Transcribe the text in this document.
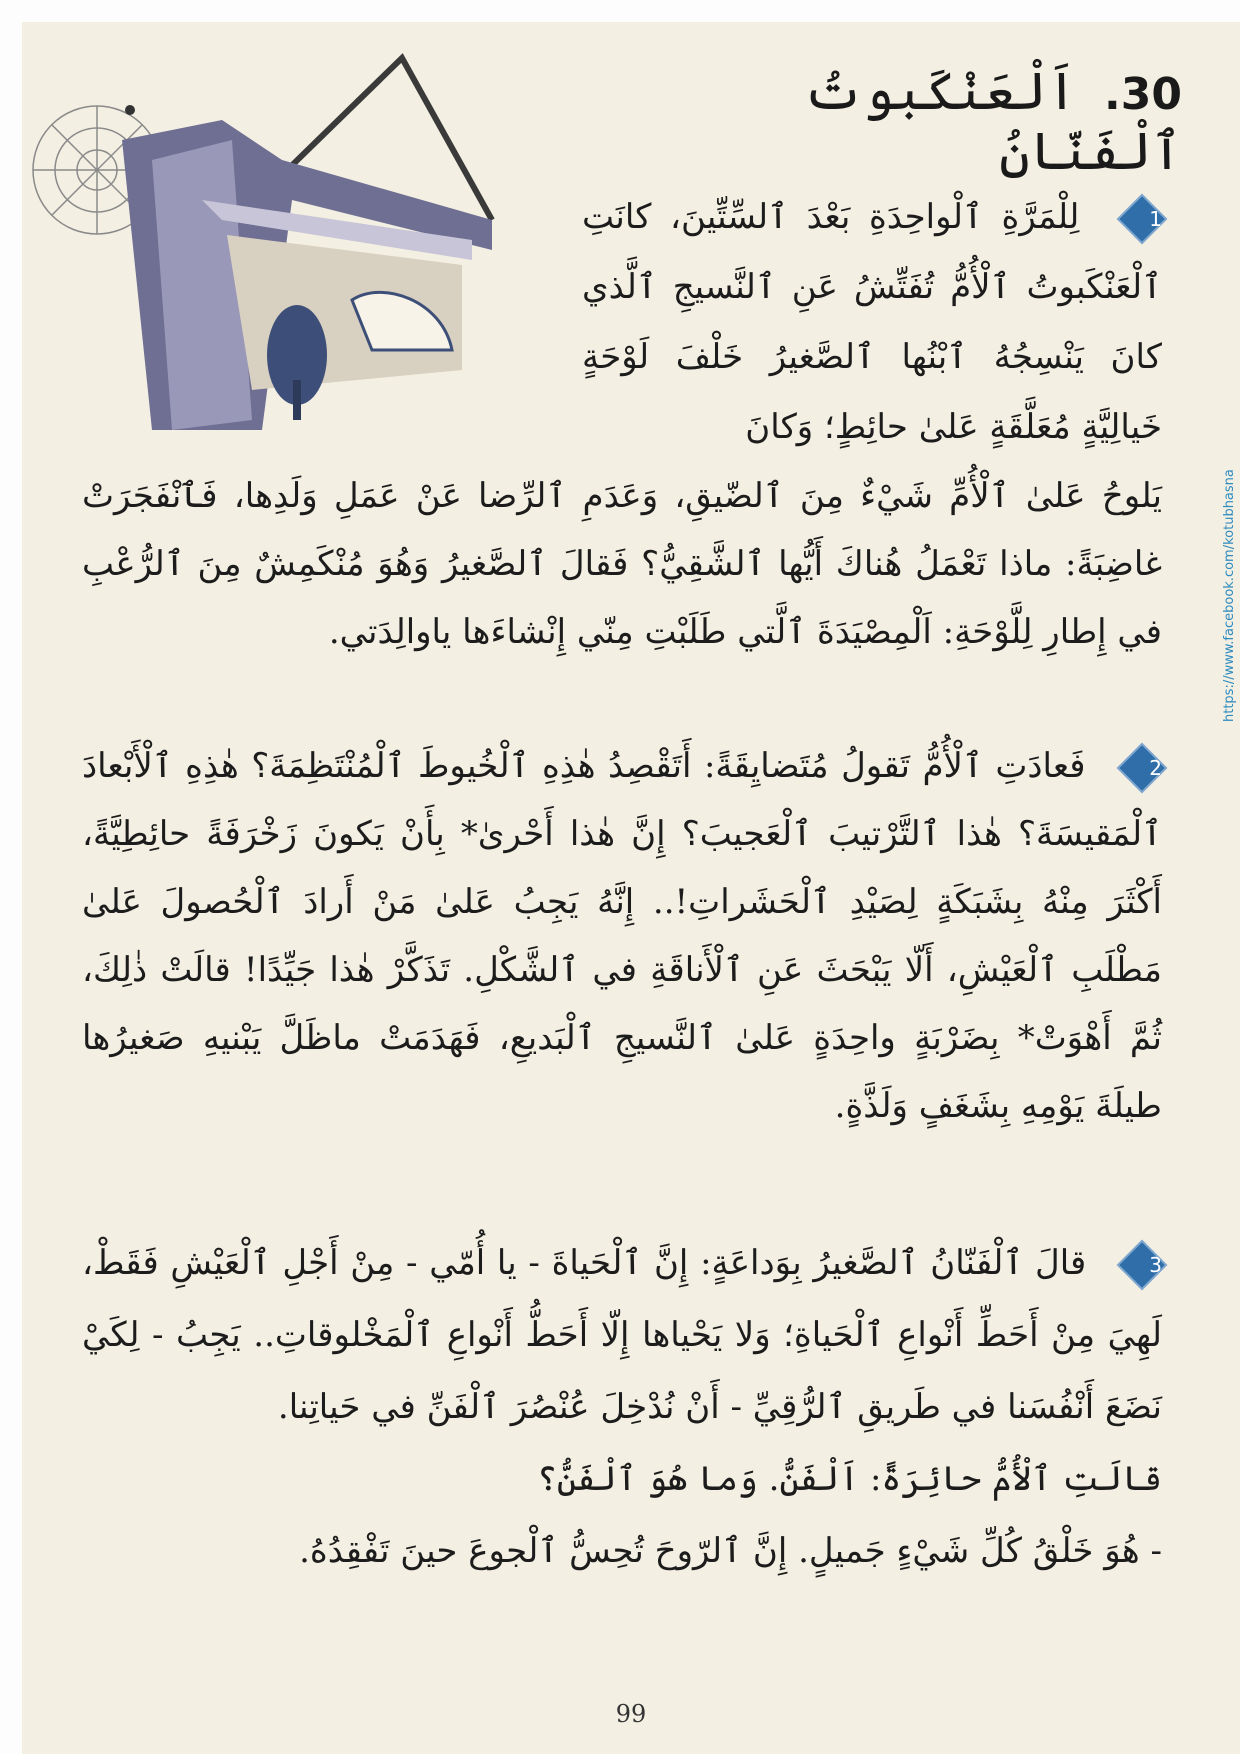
30. اَلْعَنْكَبوتُ ٱلْفَنّانُ
1
لِلْمَرَّةِ ٱلْواحِدَةِ بَعْدَ ٱلسِّتِّينَ، كانَتِ ٱلْعَنْكَبوتُ ٱلْأُمُّ تُفَتِّشُ عَنِ ٱلنَّسيجِ ٱلَّذي كانَ يَنْسِجُهُ ٱبْنُها ٱلصَّغيرُ خَلْفَ لَوْحَةٍ خَيالِيَّةٍ مُعَلَّقَةٍ عَلىٰ حائِطٍ؛ وَكانَ
يَلوحُ عَلىٰ ٱلْأُمِّ شَيْءٌ مِنَ ٱلضّيقِ، وَعَدَمِ ٱلرِّضا عَنْ عَمَلِ وَلَدِها، فَٱنْفَجَرَتْ غاضِبَةً: ماذا تَعْمَلُ هُناكَ أَيُّها ٱلشَّقِيُّ؟ فَقالَ ٱلصَّغيرُ وَهُوَ مُنْكَمِشٌ مِنَ ٱلرُّعْبِ في إِطارِ لِلَّوْحَةِ: اَلْمِصْيَدَةَ ٱلَّتي طَلَبْتِ مِنّي إِنْشاءَها ياوالِدَتي.
2
فَعادَتِ ٱلْأُمُّ تَقولُ مُتَضايِقَةً: أَتَقْصِدُ هٰذِهِ ٱلْخُيوطَ ٱلْمُنْتَظِمَةَ؟ هٰذِهِ ٱلْأَبْعادَ ٱلْمَقيسَةَ؟ هٰذا ٱلتَّرْتيبَ ٱلْعَجيبَ؟ إِنَّ هٰذا أَحْرىٰ* بِأَنْ يَكونَ زَخْرَفَةً حائِطِيَّةً، أَكْثَرَ مِنْهُ بِشَبَكَةٍ لِصَيْدِ ٱلْحَشَراتِ!.. إِنَّهُ يَجِبُ عَلىٰ مَنْ أَرادَ ٱلْحُصولَ عَلىٰ مَطْلَبِ ٱلْعَيْشِ، أَلّا يَبْحَثَ عَنِ ٱلْأَناقَةِ في ٱلشَّكْلِ. تَذَكَّرْ هٰذا جَيِّدًا! قالَتْ ذٰلِكَ، ثُمَّ أَهْوَتْ* بِضَرْبَةٍ واحِدَةٍ عَلىٰ ٱلنَّسيجِ ٱلْبَديعِ، فَهَدَمَتْ ماظَلَّ يَبْنيهِ صَغيرُها طيلَةَ يَوْمِهِ بِشَغَفٍ وَلَذَّةٍ.
3
قالَ ٱلْفَنّانُ ٱلصَّغيرُ بِوَداعَةٍ: إِنَّ ٱلْحَياةَ - يا أُمّي - مِنْ أَجْلِ ٱلْعَيْشِ فَقَطْ، لَهِيَ مِنْ أَحَطِّ أَنْواعِ ٱلْحَياةِ؛ وَلا يَحْياها إِلّا أَحَطُّ أَنْواعِ ٱلْمَخْلوقاتِ.. يَجِبُ - لِكَيْ نَضَعَ أَنْفُسَنا في طَريقِ ٱلرُّقِيِّ - أَنْ نُدْخِلَ عُنْصُرَ ٱلْفَنِّ في حَياتِنا.
قالَتِ ٱلْأُمُّ حائِرَةً: اَلْفَنُّ. وَما هُوَ ٱلْفَنُّ؟
- هُوَ خَلْقُ كُلِّ شَيْءٍ جَميلٍ. إِنَّ ٱلرّوحَ تُحِسُّ ٱلْجوعَ حينَ تَفْقِدُهُ.
https://www.facebook.com/kotubhasna
99
